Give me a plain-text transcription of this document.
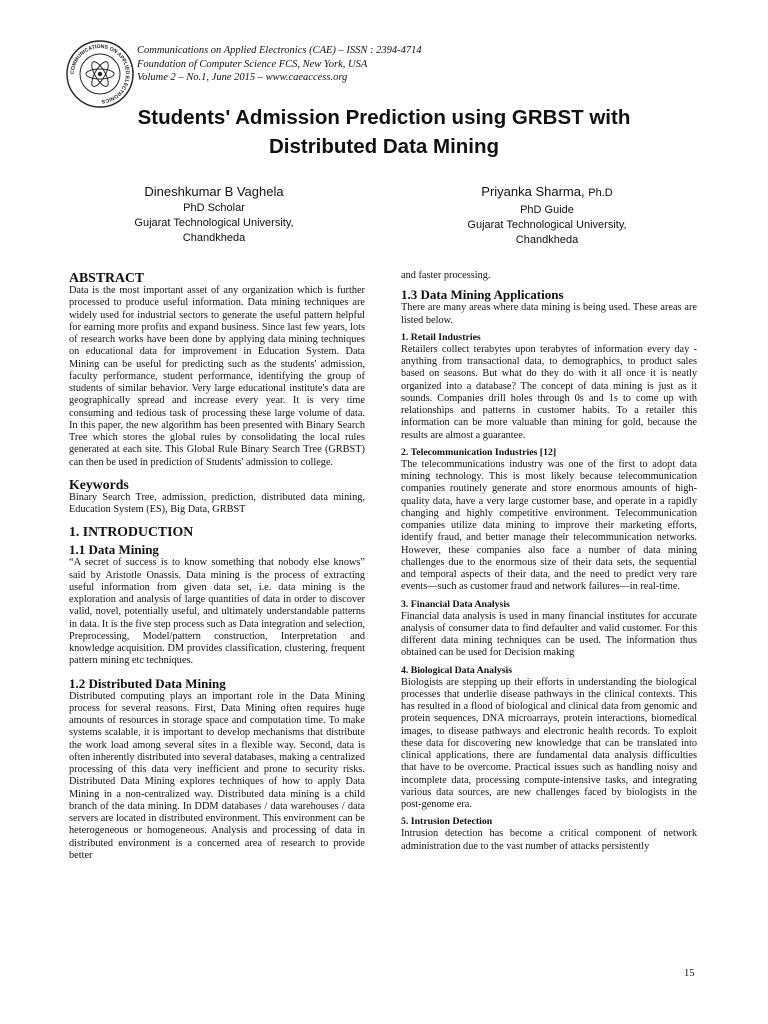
COMMUNICATIONS ON APPLIED ELECTRONICS
Communications on Applied Electronics (CAE) – ISSN : 2394-4714
Foundation of Computer Science FCS, New York, USA
Volume 2 – No.1, June 2015 – www.caeaccess.org
Students' Admission Prediction using GRBST with
Distributed Data Mining
Dineshkumar B Vaghela
PhD Scholar
Gujarat Technological University,
Chandkheda
Priyanka Sharma, Ph.D
PhD Guide
Gujarat Technological University,
Chandkheda
ABSTRACT

Data is the most important asset of any organization which is further processed to produce useful information. Data mining techniques are widely used for industrial sectors to generate the useful pattern helpful for earning more profits and expand business. Since last few years, lots of research works have been done by applying data mining techniques on educational data for improvement in Education System. Data Mining can be useful for predicting such as the students' admission, faculty performance, student performance, identifying the group of students of similar behavior. Very large educational institute's data are geographically spread and increase every year. It is very time consuming and tedious task of processing these large volume of data. In this paper, the new algorithm has been presented with Binary Search Tree which stores the global rules by consolidating the local rules generated at each site. This Global Rule Binary Search Tree (GRBST) can then be used in prediction of Students' admission to college.

Keywords

Binary Search Tree, admission, prediction, distributed data mining, Education System (ES), Big Data, GRBST

1. INTRODUCTION
1.1 Data Mining

“A secret of success is to know something that nobody else knows” said by Aristotle Onassis. Data mining is the process of extracting useful information from given data set, i.e. data mining is the exploration and analysis of large quantities of data in order to discover valid, novel, potentially useful, and ultimately understandable patterns in data. It is the five step process such as Data integration and selection, Preprocessing, Model/pattern construction, Interpretation and knowledge acquisition. DM provides classification, clustering, frequent pattern mining etc techniques.

1.2 Distributed Data Mining

Distributed computing plays an important role in the Data Mining process for several reasons. First, Data Mining often requires huge amounts of resources in storage space and computation time. To make systems scalable, it is important to develop mechanisms that distribute the work load among several sites in a flexible way. Second, data is often inherently distributed into several databases, making a centralized processing of this data very inefficient and prone to security risks. Distributed Data Mining explores techniques of how to apply Data Mining in a non-centralized way. Distributed data mining is a child branch of the data mining. In DDM databases / data warehouses / data servers are located in distributed environment. This environment can be heterogeneous or homogeneous. Analysis and processing of data in distributed environment is a concerned area of research to provide better

and faster processing.

1.3 Data Mining Applications

There are many areas where data mining is being used. These areas are listed below.

1. Retail Industries

Retailers collect terabytes upon terabytes of information every day - anything from transactional data, to demographics, to product sales based on seasons. But what do they do with it all once it is neatly organized into a database? The concept of data mining is just as it sounds. Companies drill holes through 0s and 1s to come up with relationships and patterns in customer habits. To a retailer this information can be more valuable than mining for gold, because the results are almost a guarantee.

2. Telecommunication Industries [12]

The telecommunications industry was one of the first to adopt data mining technology. This is most likely because telecommunication companies routinely generate and store enormous amounts of high-quality data, have a very large customer base, and operate in a rapidly changing and highly competitive environment. Telecommunication companies utilize data mining to improve their marketing efforts, identify fraud, and better manage their telecommunication networks. However, these companies also face a number of data mining challenges due to the enormous size of their data sets, the sequential and temporal aspects of their data, and the need to predict very rare events—such as customer fraud and network failures—in real-time.

3. Financial Data Analysis

Financial data analysis is used in many financial institutes for accurate analysis of consumer data to find defaulter and valid customer. For this different data mining techniques can be used. The information thus obtained can be used for Decision making

4. Biological Data Analysis

Biologists are stepping up their efforts in understanding the biological processes that underlie disease pathways in the clinical contexts. This has resulted in a flood of biological and clinical data from genomic and protein sequences, DNA microarrays, protein interactions, biomedical images, to disease pathways and electronic health records. To exploit these data for discovering new knowledge that can be translated into clinical applications, there are fundamental data analysis difficulties that have to be overcome. Practical issues such as handling noisy and incomplete data, processing compute-intensive tasks, and integrating various data sources, are new challenges faced by biologists in the post-genome era.

5. Intrusion Detection

Intrusion detection has become a critical component of network administration due to the vast number of attacks persistently

15
